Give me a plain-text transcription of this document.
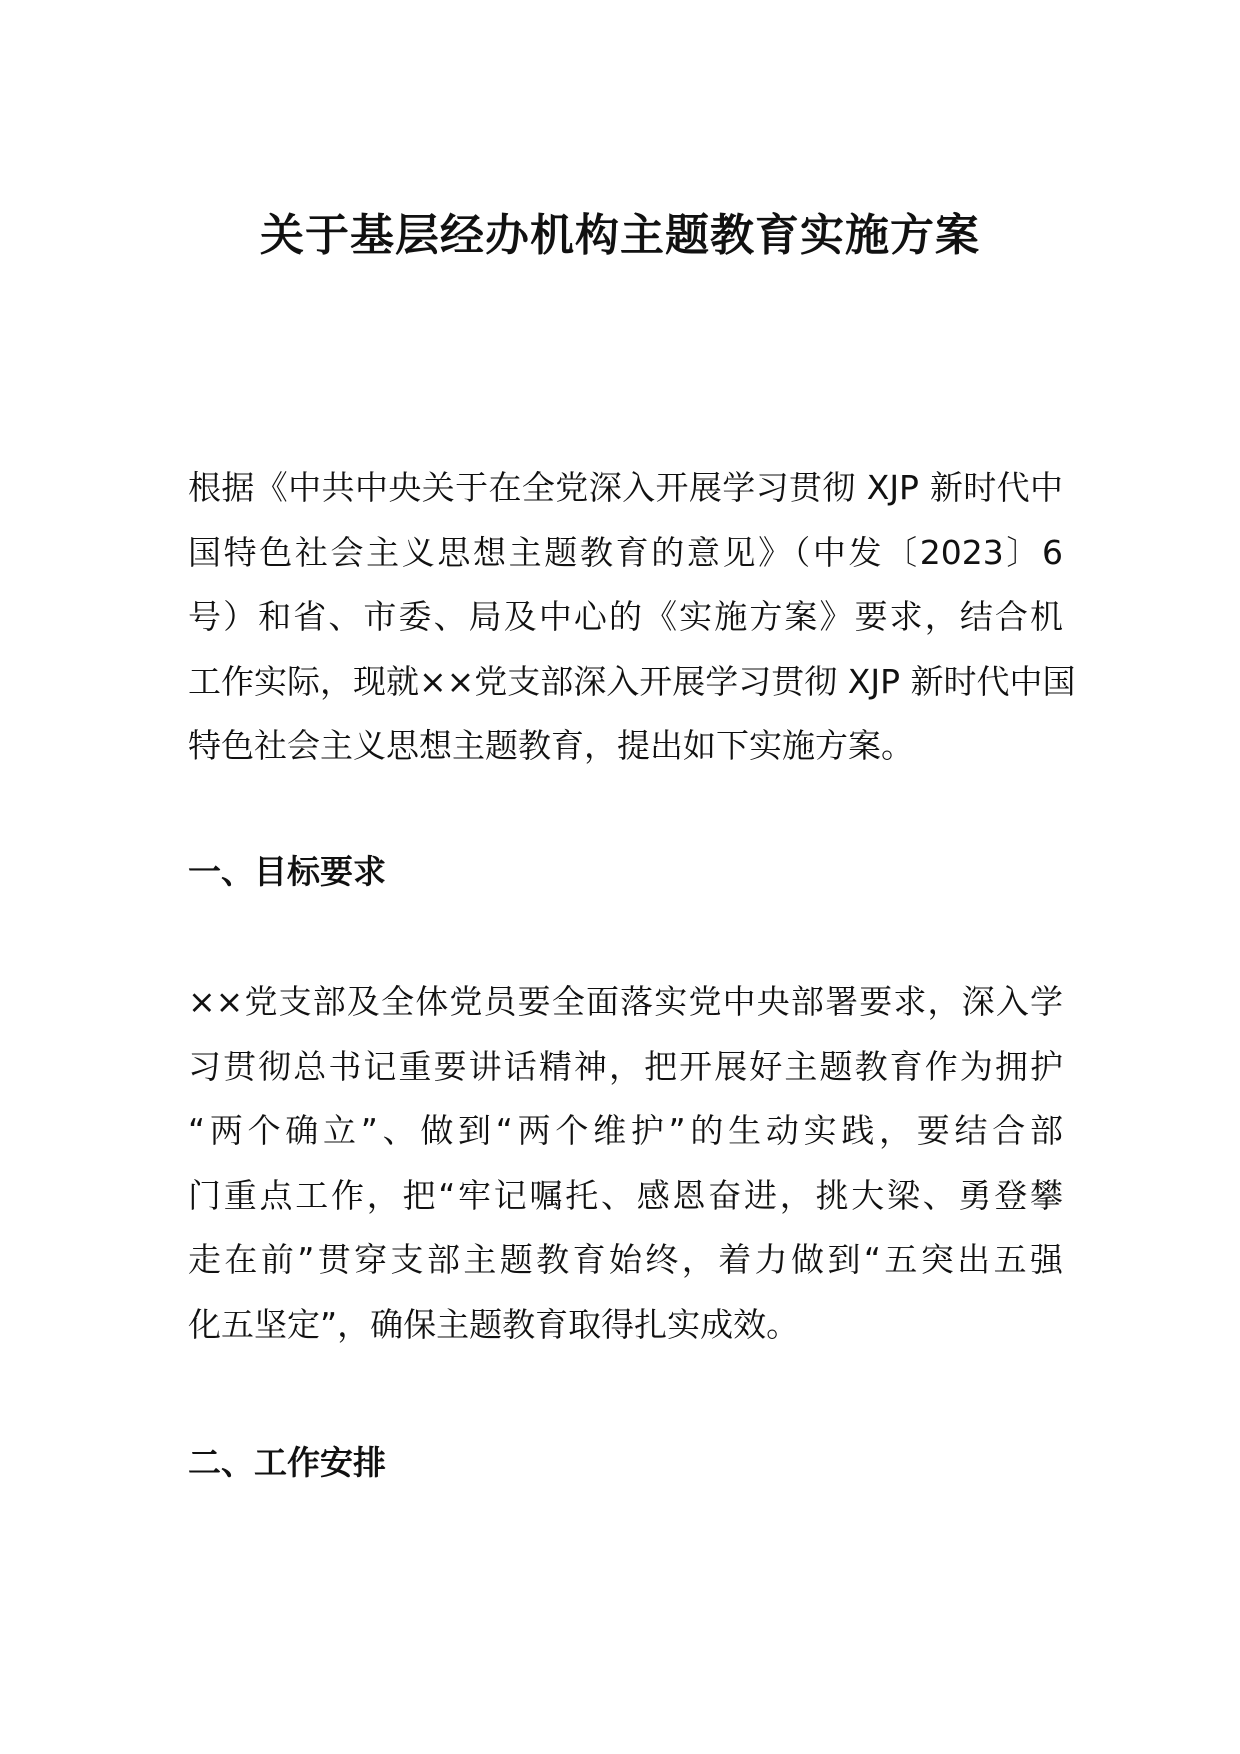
关于基层经办机构主题教育实施方案

根据《中共中央关于在全党深入开展学习贯彻 XJP 新时代中
国特色社会主义思想主题教育的意见》（中发〔2023〕6
号）和省、市委、局及中心的《实施方案》要求，结合机
工作实际，现就××党支部深入开展学习贯彻 XJP 新时代中国
特色社会主义思想主题教育，提出如下实施方案。

一、目标要求

××党支部及全体党员要全面落实党中央部署要求，深入学
习贯彻总书记重要讲话精神，把开展好主题教育作为拥护
“两个确立”、做到“两个维护”的生动实践，要结合部
门重点工作，把“牢记嘱托、感恩奋进，挑大梁、勇登攀
走在前”贯穿支部主题教育始终，着力做到“五突出五强
化五坚定”，确保主题教育取得扎实成效。

二、工作安排
